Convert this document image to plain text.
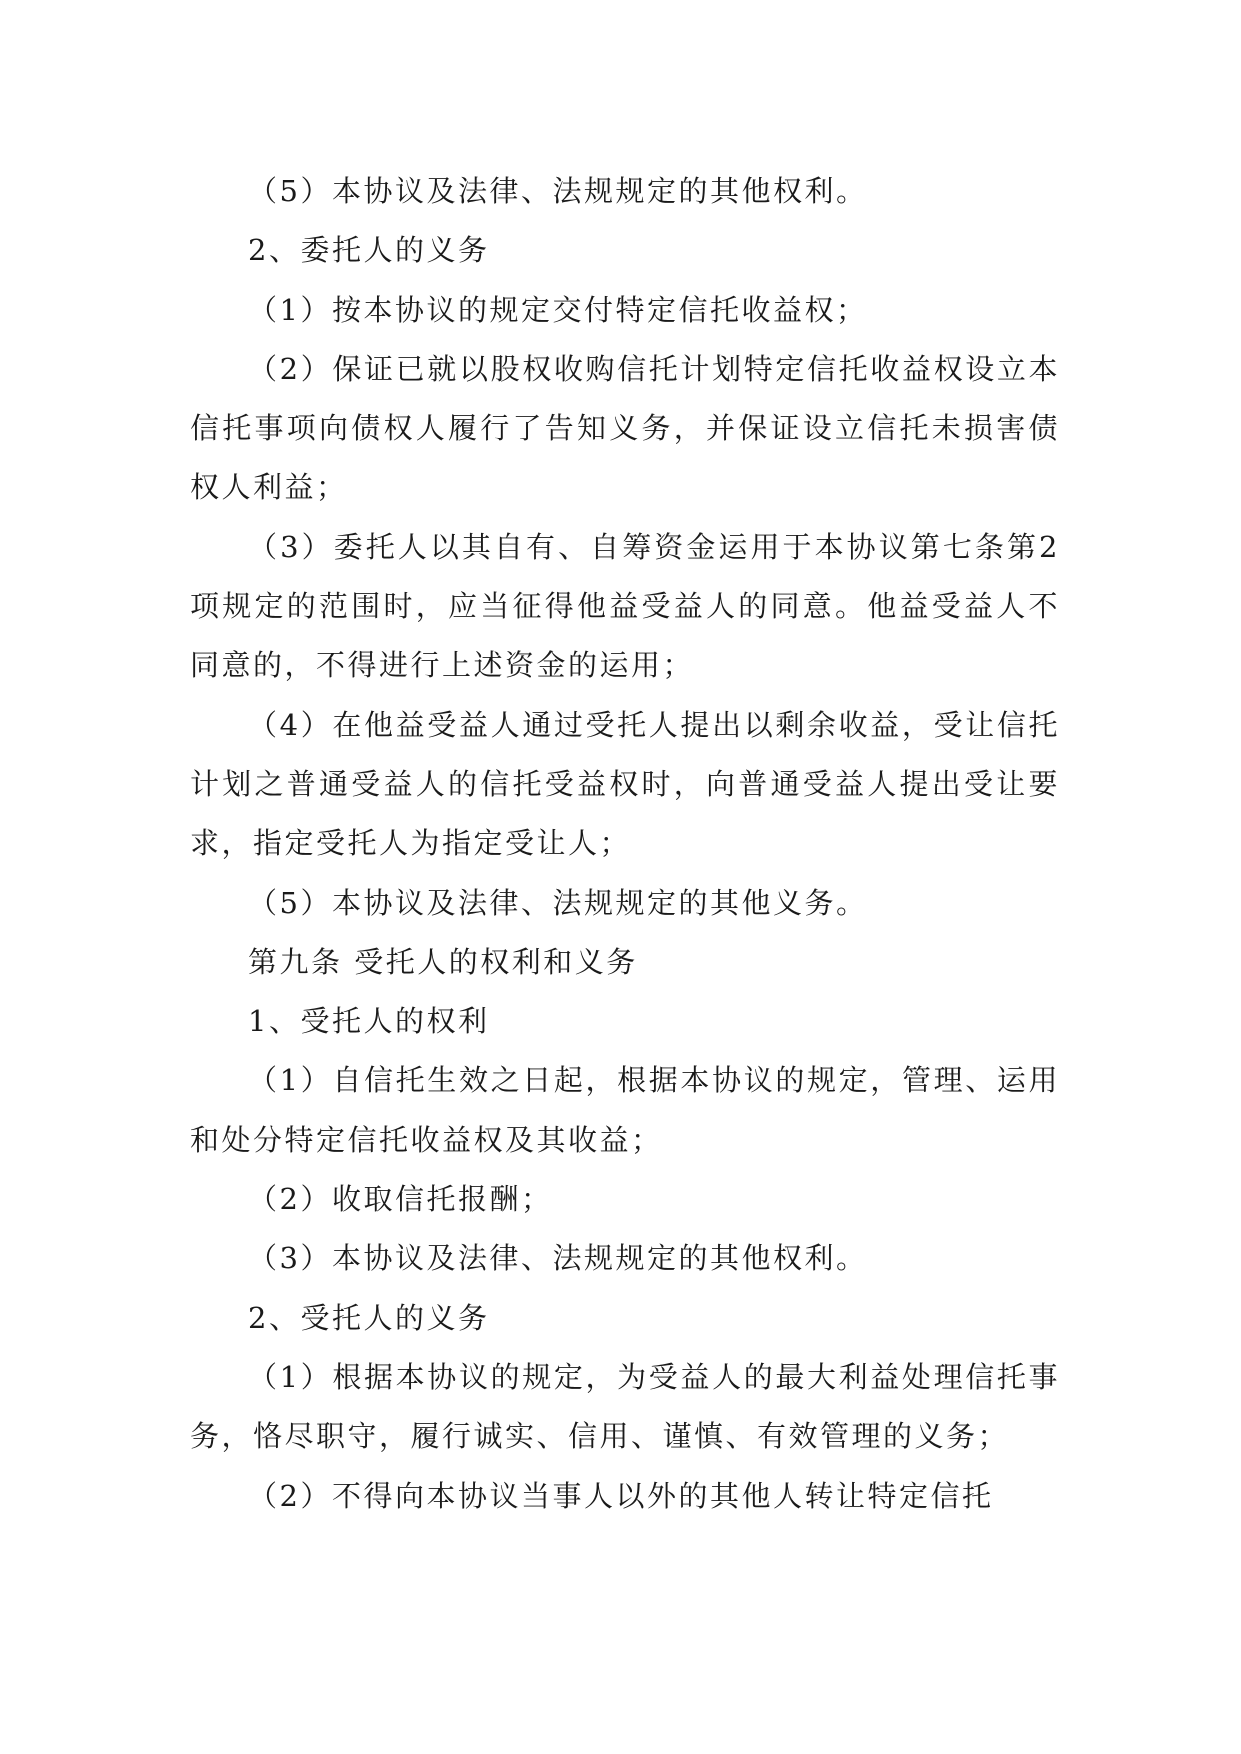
（5）本协议及法律、法规规定的其他权利。

2、委托人的义务

（1）按本协议的规定交付特定信托收益权；

（2）保证已就以股权收购信托计划特定信托收益权设立本信托事项向债权人履行了告知义务，并保证设立信托未损害债权人利益；

（3）委托人以其自有、自筹资金运用于本协议第七条第2项规定的范围时，应当征得他益受益人的同意。他益受益人不同意的，不得进行上述资金的运用；

（4）在他益受益人通过受托人提出以剩余收益，受让信托计划之普通受益人的信托受益权时，向普通受益人提出受让要求，指定受托人为指定受让人；

（5）本协议及法律、法规规定的其他义务。

第九条 受托人的权利和义务

1、受托人的权利

（1）自信托生效之日起，根据本协议的规定，管理、运用和处分特定信托收益权及其收益；

（2）收取信托报酬；

（3）本协议及法律、法规规定的其他权利。

2、受托人的义务

（1）根据本协议的规定，为受益人的最大利益处理信托事务，恪尽职守，履行诚实、信用、谨慎、有效管理的义务；

（2）不得向本协议当事人以外的其他人转让特定信托
